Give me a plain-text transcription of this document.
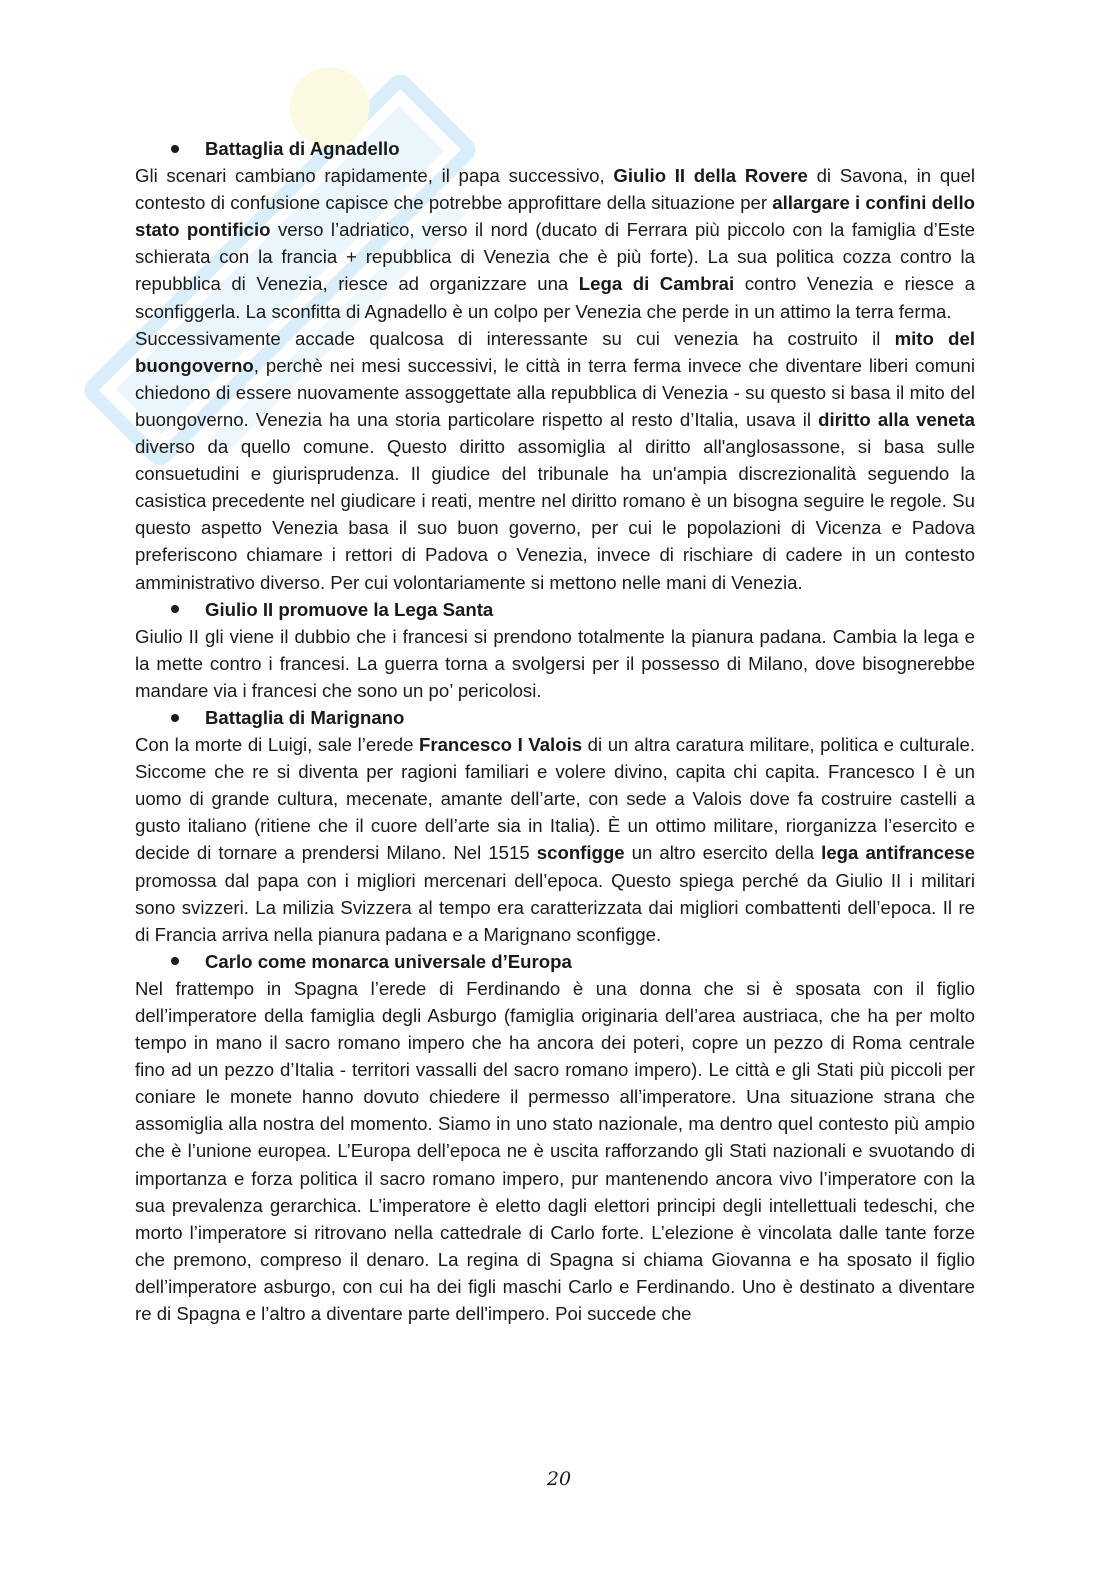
Battaglia di Agnadello

Gli scenari cambiano rapidamente, il papa successivo, Giulio II della Rovere di Savona, in quel contesto di confusione capisce che potrebbe approfittare della situazione per allargare i confini dello stato pontificio verso l’adriatico, verso il nord (ducato di Ferrara più piccolo con la famiglia d’Este schierata con la francia + repubblica di Venezia che è più forte). La sua politica cozza contro la repubblica di Venezia, riesce ad organizzare una Lega di Cambrai contro Venezia e riesce a sconfiggerla. La sconfitta di Agnadello è un colpo per Venezia che perde in un attimo la terra ferma.

Successivamente accade qualcosa di interessante su cui venezia ha costruito il mito del buongoverno, perchè nei mesi successivi, le città in terra ferma invece che diventare liberi comuni chiedono di essere nuovamente assoggettate alla repubblica di Venezia - su questo si basa il mito del buongoverno. Venezia ha una storia particolare rispetto al resto d’Italia, usava il diritto alla veneta diverso da quello comune. Questo diritto assomiglia al diritto all'anglosassone, si basa sulle consuetudini e giurisprudenza. Il giudice del tribunale ha un'ampia discrezionalità seguendo la casistica precedente nel giudicare i reati, mentre nel diritto romano è un bisogna seguire le regole. Su questo aspetto Venezia basa il suo buon governo, per cui le popolazioni di Vicenza e Padova preferiscono chiamare i rettori di Padova o Venezia, invece di rischiare di cadere in un contesto amministrativo diverso. Per cui volontariamente si mettono nelle mani di Venezia.

Giulio II promuove la Lega Santa

Giulio II gli viene il dubbio che i francesi si prendono totalmente la pianura padana. Cambia la lega e la mette contro i francesi. La guerra torna a svolgersi per il possesso di Milano, dove bisognerebbe mandare via i francesi che sono un po’ pericolosi.

Battaglia di Marignano

Con la morte di Luigi, sale l’erede Francesco I Valois di un altra caratura militare, politica e culturale. Siccome che re si diventa per ragioni familiari e volere divino, capita chi capita. Francesco I è un uomo di grande cultura, mecenate, amante dell’arte, con sede a Valois dove fa costruire castelli a gusto italiano (ritiene che il cuore dell’arte sia in Italia). È un ottimo militare, riorganizza l’esercito e decide di tornare a prendersi Milano. Nel 1515 sconfigge un altro esercito della lega antifrancese promossa dal papa con i migliori mercenari dell’epoca. Questo spiega perché da Giulio II i militari sono svizzeri. La milizia Svizzera al tempo era caratterizzata dai migliori combattenti dell’epoca. Il re di Francia arriva nella pianura padana e a Marignano sconfigge.

Carlo come monarca universale d’Europa

Nel frattempo in Spagna l’erede di Ferdinando è una donna che si è sposata con il figlio dell’imperatore della famiglia degli Asburgo (famiglia originaria dell’area austriaca, che ha per molto tempo in mano il sacro romano impero che ha ancora dei poteri, copre un pezzo di Roma centrale fino ad un pezzo d’Italia - territori vassalli del sacro romano impero). Le città e gli Stati più piccoli per coniare le monete hanno dovuto chiedere il permesso all’imperatore. Una situazione strana che assomiglia alla nostra del momento. Siamo in uno stato nazionale, ma dentro quel contesto più ampio che è l’unione europea. L’Europa dell’epoca ne è uscita rafforzando gli Stati nazionali e svuotando di importanza e forza politica il sacro romano impero, pur mantenendo ancora vivo l’imperatore con la sua prevalenza gerarchica. L’imperatore è eletto dagli elettori principi degli intellettuali tedeschi, che morto l’imperatore si ritrovano nella cattedrale di Carlo forte. L’elezione è vincolata dalle tante forze che premono, compreso il denaro. La regina di Spagna si chiama Giovanna e ha sposato il figlio dell’imperatore asburgo, con cui ha dei figli maschi Carlo e Ferdinando. Uno è destinato a diventare re di Spagna e l’altro a diventare parte dell'impero. Poi succede che

20
